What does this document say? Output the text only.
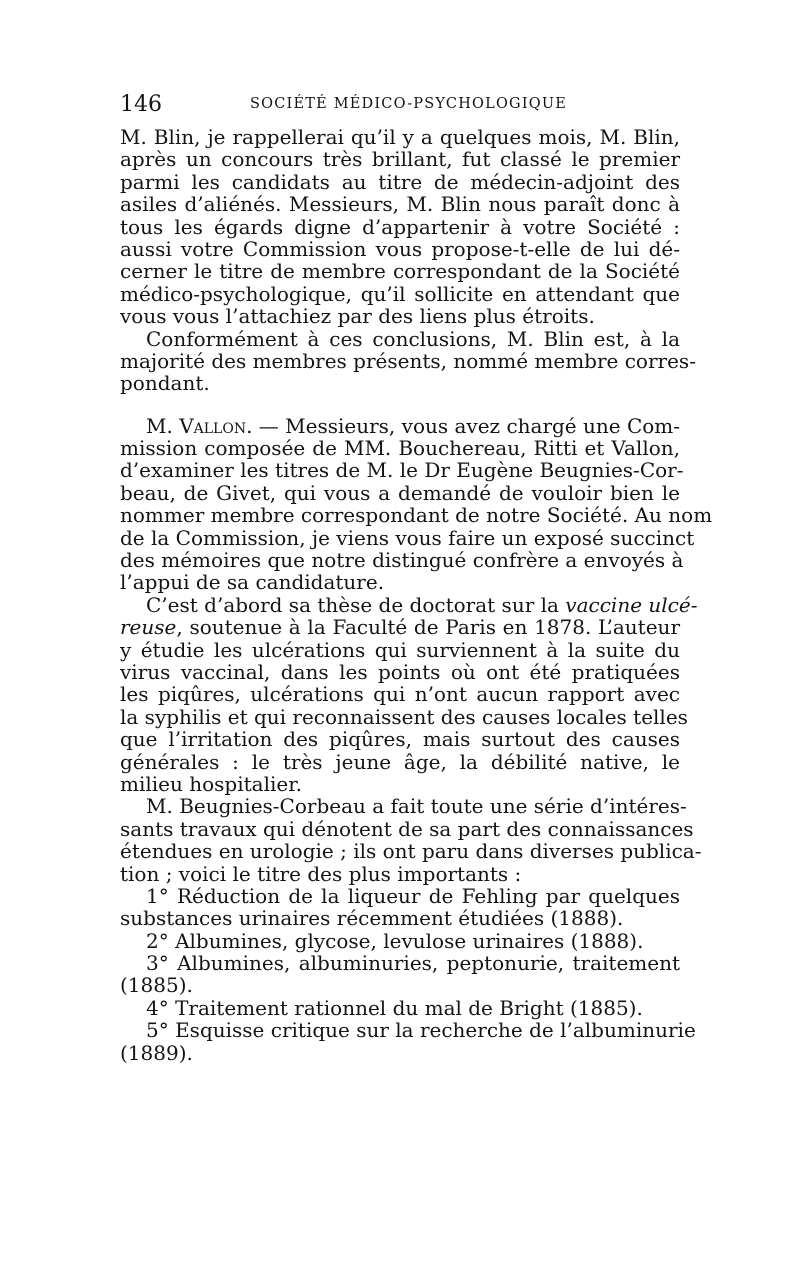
146	SOCIÉTÉ MÉDICO-PSYCHOLOGIQUE
M. Blin, je rappellerai qu’il y a quelques mois, M. Blin,
après un concours très brillant, fut classé le premier
parmi les candidats au titre de médecin-adjoint des
asiles d’aliénés. Messieurs, M. Blin nous paraît donc à
tous les égards digne d’appartenir à votre Société :
aussi votre Commission vous propose-t-elle de lui dé-
cerner le titre de membre correspondant de la Société
médico-psychologique, qu’il sollicite en attendant que
vous vous l’attachiez par des liens plus étroits.
Conformément à ces conclusions, M. Blin est, à la
majorité des membres présents, nommé membre corres-
pondant.
M. Vallon. — Messieurs, vous avez chargé une Com-
mission composée de MM. Bouchereau, Ritti et Vallon,
d’examiner les titres de M. le Dr Eugène Beugnies-Cor-
beau, de Givet, qui vous a demandé de vouloir bien le
nommer membre correspondant de notre Société. Au nom
de la Commission, je viens vous faire un exposé succinct
des mémoires que notre distingué confrère a envoyés à
l’appui de sa candidature.
C’est d’abord sa thèse de doctorat sur la vaccine ulcé-
reuse, soutenue à la Faculté de Paris en 1878. L’auteur
y étudie les ulcérations qui surviennent à la suite du
virus vaccinal, dans les points où ont été pratiquées
les piqûres, ulcérations qui n’ont aucun rapport avec
la syphilis et qui reconnaissent des causes locales telles
que l’irritation des piqûres, mais surtout des causes
générales : le très jeune âge, la débilité native, le
milieu hospitalier.
M. Beugnies-Corbeau a fait toute une série d’intéres-
sants travaux qui dénotent de sa part des connaissances
étendues en urologie ; ils ont paru dans diverses publica-
tion ; voici le titre des plus importants :
1° Réduction de la liqueur de Fehling par quelques
substances urinaires récemment étudiées (1888).
2° Albumines, glycose, levulose urinaires (1888).
3° Albumines, albuminuries, peptonurie, traitement
(1885).
4° Traitement rationnel du mal de Bright (1885).
5° Esquisse critique sur la recherche de l’albuminurie
(1889).
